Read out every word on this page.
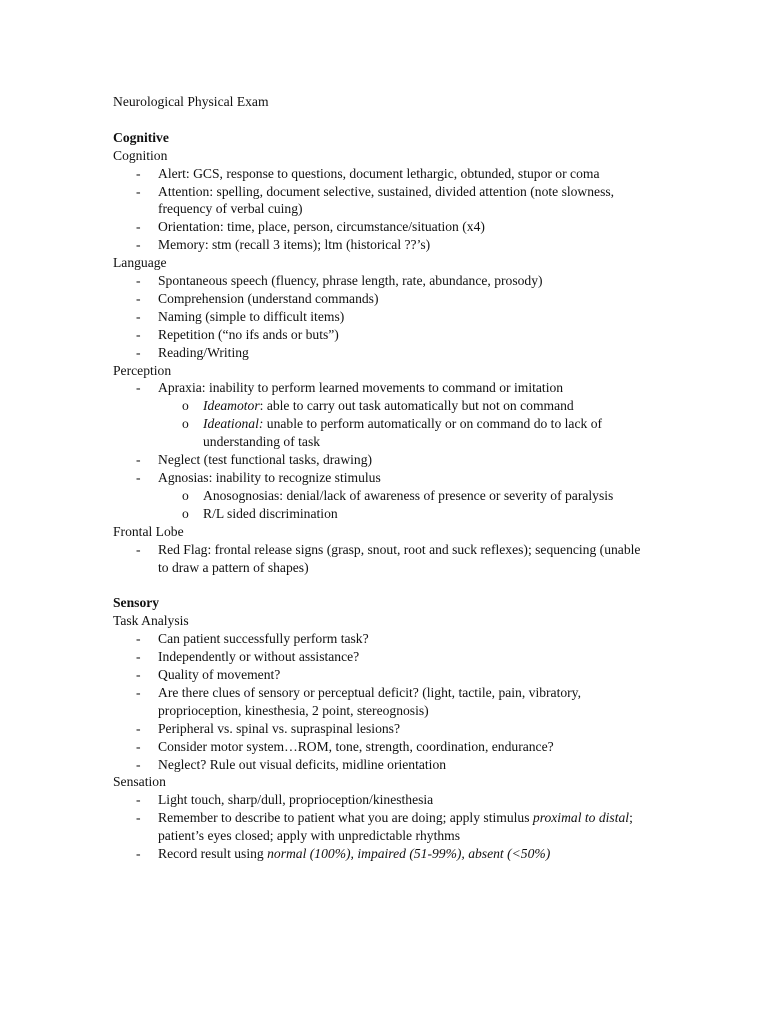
Neurological Physical Exam
Cognitive
Cognition
- Alert: GCS, response to questions, document lethargic, obtunded, stupor or coma
- Attention: spelling, document selective, sustained, divided attention (note slowness, frequency of verbal cuing)
- Orientation: time, place, person, circumstance/situation (x4)
- Memory: stm (recall 3 items); ltm (historical ??’s)
Language
- Spontaneous speech (fluency, phrase length, rate, abundance, prosody)
- Comprehension (understand commands)
- Naming (simple to difficult items)
- Repetition (“no ifs ands or buts”)
- Reading/Writing
Perception
- Apraxia: inability to perform learned movements to command or imitation
o Ideamotor: able to carry out task automatically but not on command
o Ideational: unable to perform automatically or on command do to lack of understanding of task
- Neglect (test functional tasks, drawing)
- Agnosias: inability to recognize stimulus
o Anosognosias: denial/lack of awareness of presence or severity of paralysis
o R/L sided discrimination
Frontal Lobe
- Red Flag: frontal release signs (grasp, snout, root and suck reflexes); sequencing (unable to draw a pattern of shapes)
Sensory
Task Analysis
- Can patient successfully perform task?
- Independently or without assistance?
- Quality of movement?
- Are there clues of sensory or perceptual deficit? (light, tactile, pain, vibratory, proprioception, kinesthesia, 2 point, stereognosis)
- Peripheral vs. spinal vs. supraspinal lesions?
- Consider motor system…ROM, tone, strength, coordination, endurance?
- Neglect? Rule out visual deficits, midline orientation
Sensation
- Light touch, sharp/dull, proprioception/kinesthesia
- Remember to describe to patient what you are doing; apply stimulus proximal to distal; patient’s eyes closed; apply with unpredictable rhythms
- Record result using normal (100%), impaired (51-99%), absent (<50%)
